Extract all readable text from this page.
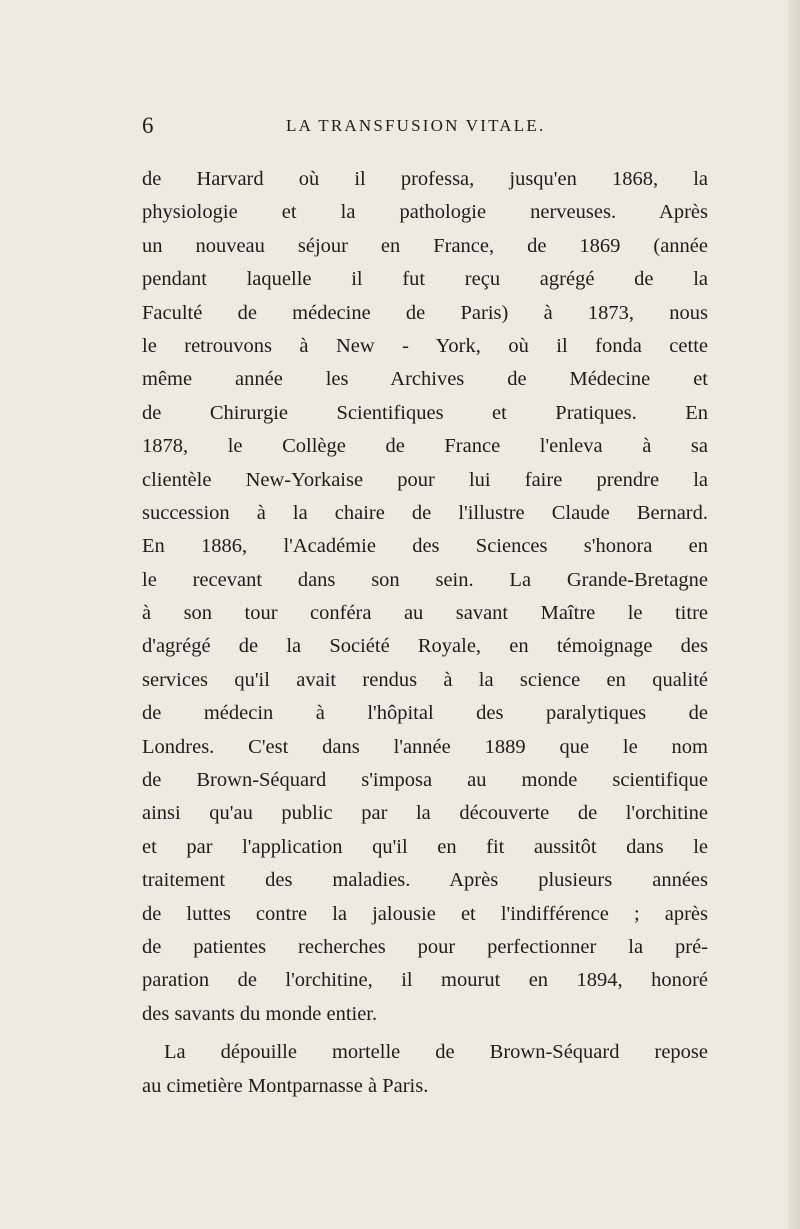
6	LA TRANSFUSION VITALE.
de Harvard où il professa, jusqu'en 1868, la
physiologie et la pathologie nerveuses. Après
un nouveau séjour en France, de 1869 (année
pendant laquelle il fut reçu agrégé de la
Faculté de médecine de Paris) à 1873, nous
le retrouvons à New - York, où il fonda cette
même année les Archives de Médecine et
de Chirurgie Scientifiques et Pratiques. En
1878, le Collège de France l'enleva à sa
clientèle New-Yorkaise pour lui faire prendre la
succession à la chaire de l'illustre Claude Bernard.
En 1886, l'Académie des Sciences s'honora en
le recevant dans son sein. La Grande-Bretagne
à son tour conféra au savant Maître le titre
d'agrégé de la Société Royale, en témoignage des
services qu'il avait rendus à la science en qualité
de médecin à l'hôpital des paralytiques de
Londres. C'est dans l'année 1889 que le nom
de Brown-Séquard s'imposa au monde scientifique
ainsi qu'au public par la découverte de l'orchitine
et par l'application qu'il en fit aussitôt dans le
traitement des maladies. Après plusieurs années
de luttes contre la jalousie et l'indifférence ; après
de patientes recherches pour perfectionner la pré-
paration de l'orchitine, il mourut en 1894, honoré
des savants du monde entier.
La dépouille mortelle de Brown-Séquard repose
au cimetière Montparnasse à Paris.
